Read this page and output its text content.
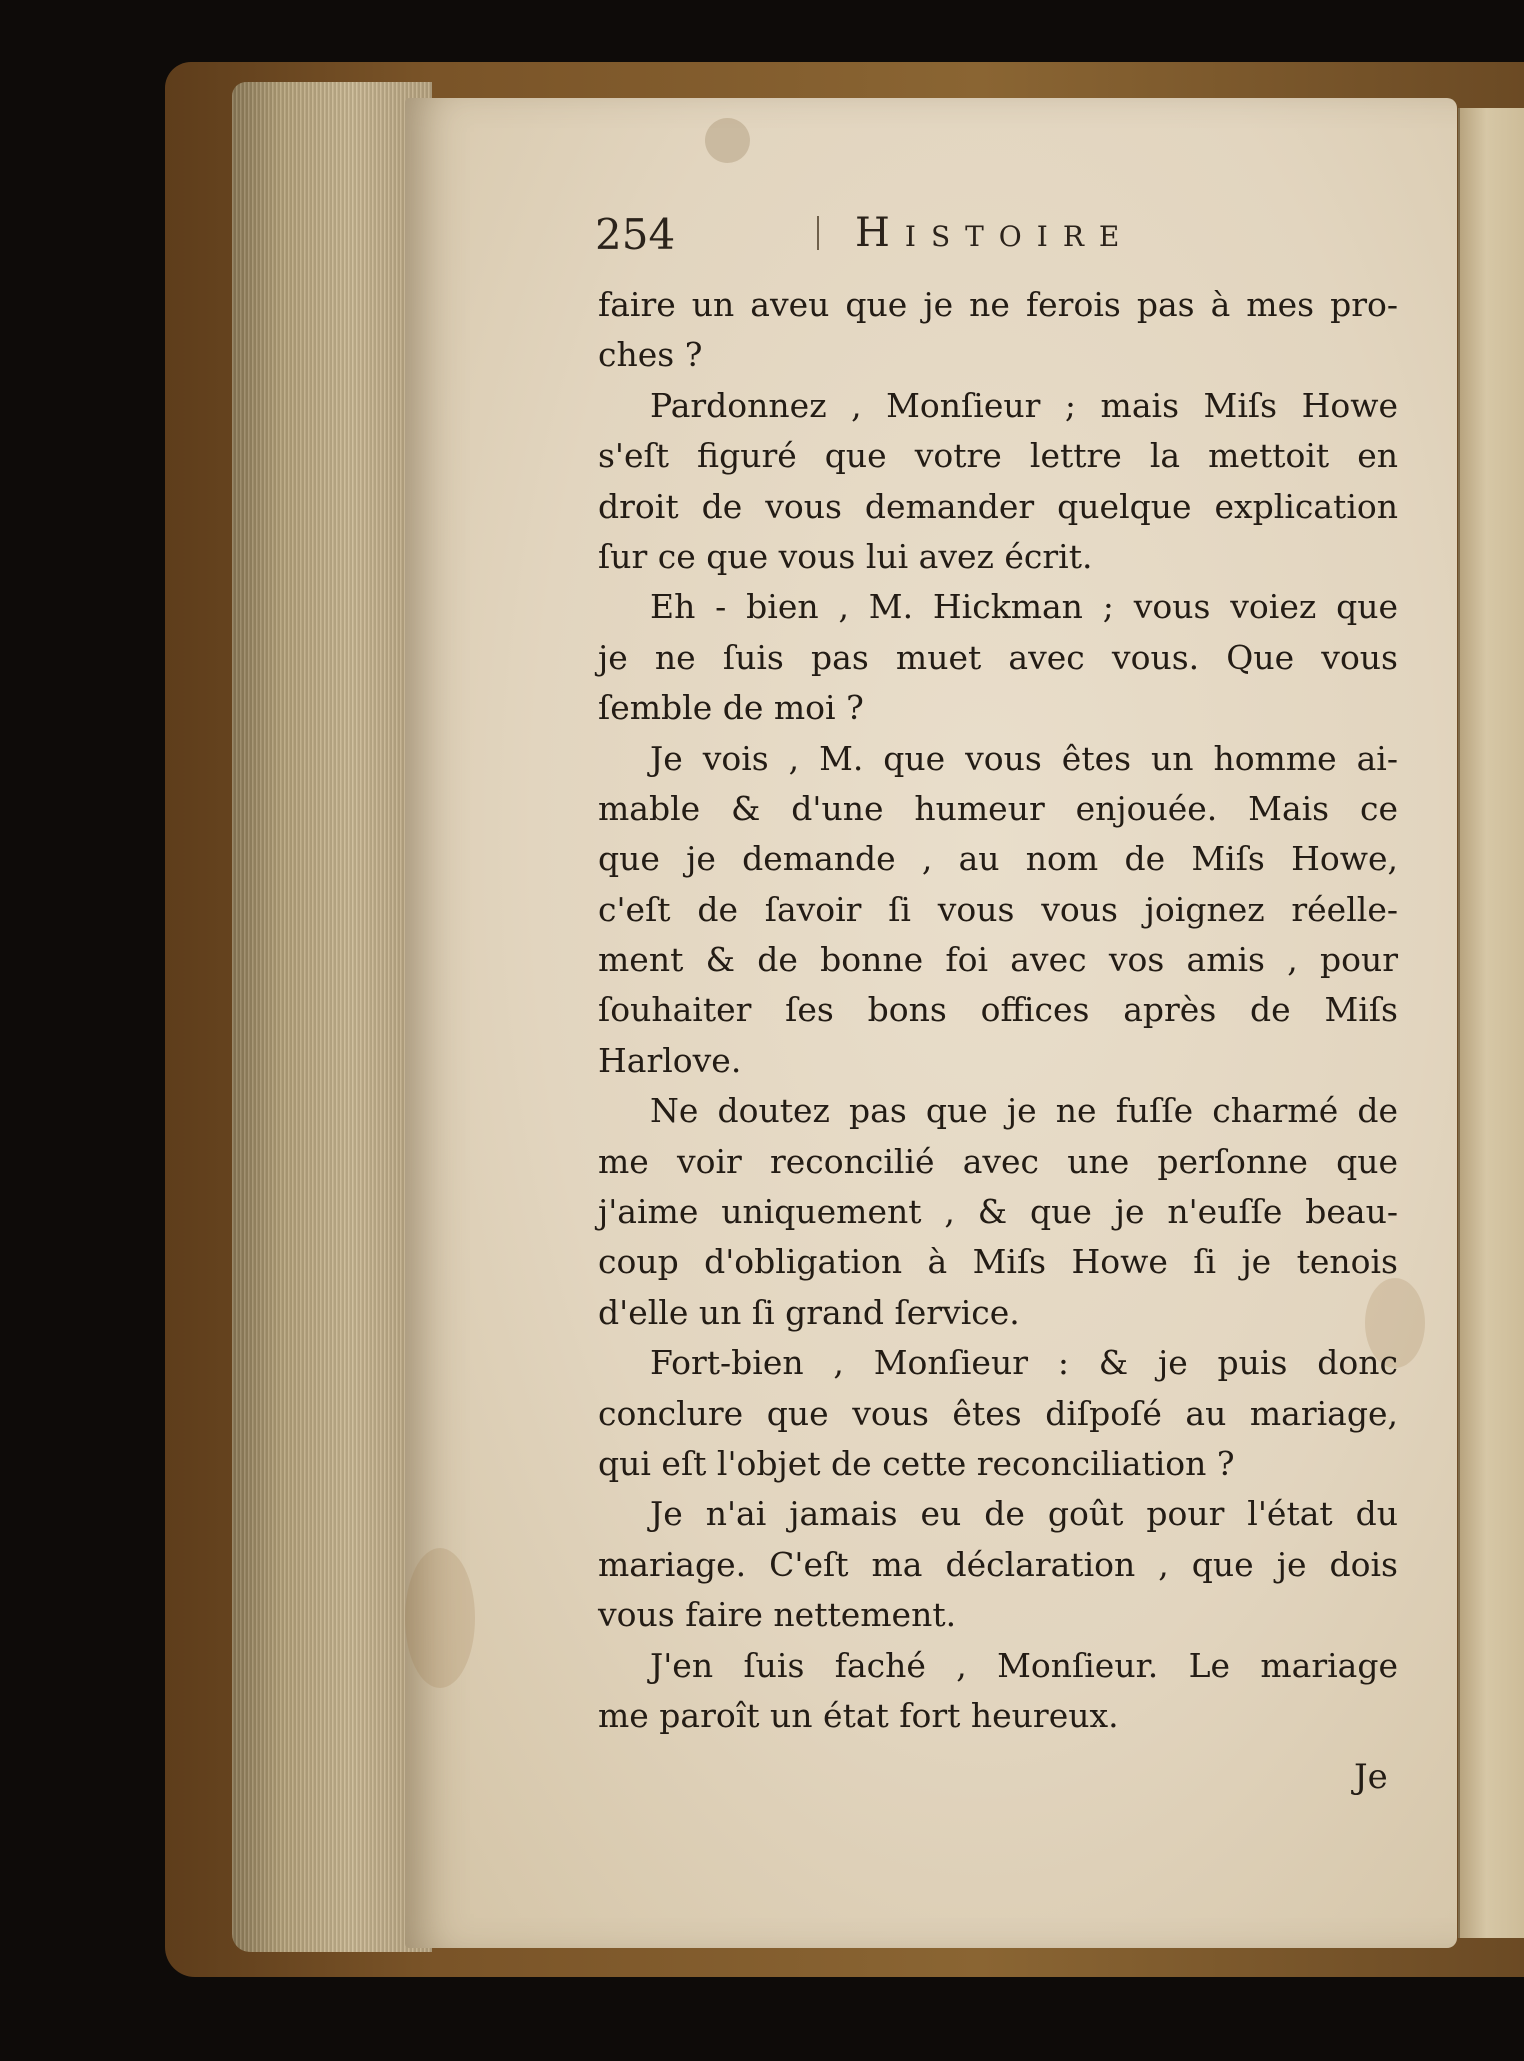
254	Histoire
faire un aveu que je ne ferois pas à mes pro-
ches ?
Pardonnez , Monſieur ; mais Miſs Howe
s'eſt figuré que votre lettre la mettoit en
droit de vous demander quelque explication
ſur ce que vous lui avez écrit.
Eh - bien , M. Hickman ; vous voiez que
je ne ſuis pas muet avec vous. Que vous
ſemble de moi ?
Je vois , M. que vous êtes un homme ai-
mable & d'une humeur enjouée. Mais ce
que je demande , au nom de Miſs Howe,
c'eſt de ſavoir ſi vous vous joignez réelle-
ment & de bonne foi avec vos amis , pour
ſouhaiter ſes bons offices après de Miſs
Harlove.
Ne doutez pas que je ne fuſſe charmé de
me voir reconcilié avec une perſonne que
j'aime uniquement , & que je n'euſſe beau-
coup d'obligation à Miſs Howe ſi je tenois
d'elle un ſi grand ſervice.
Fort-bien , Monſieur : & je puis donc
conclure que vous êtes diſpoſé au mariage,
qui eſt l'objet de cette reconciliation ?
Je n'ai jamais eu de goût pour l'état du
mariage. C'eſt ma déclaration , que je dois
vous faire nettement.
J'en ſuis faché , Monſieur. Le mariage
me paroît un état fort heureux.
Je
